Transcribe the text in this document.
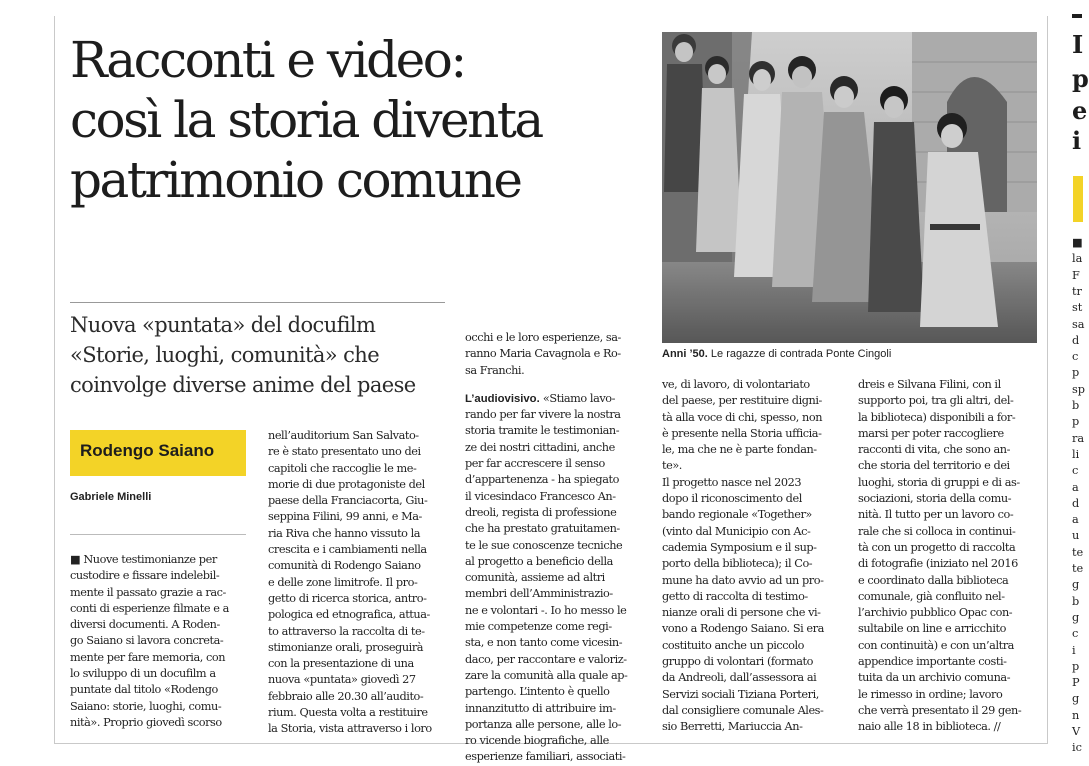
Racconti e video:
così la storia diventa
patrimonio comune
Nuova «puntata» del docufilm
«Storie, luoghi, comunità» che
coinvolge diverse anime del paese
Rodengo Saiano
Gabriele Minelli
■ Nuove testimonianze per
custodire e fissare indelebil-
mente il passato grazie a rac-
conti di esperienze filmate e a
diversi documenti. A Roden-
go Saiano si lavora concreta-
mente per fare memoria, con
lo sviluppo di un docufilm a
puntate dal titolo «Rodengo
Saiano: storie, luoghi, comu-
nità». Proprio giovedì scorso
nell’auditorium San Salvato-
re è stato presentato uno dei
capitoli che raccoglie le me-
morie di due protagoniste del
paese della Franciacorta, Giu-
seppina Filini, 99 anni, e Ma-
ria Riva che hanno vissuto la
crescita e i cambiamenti nella
comunità di Rodengo Saiano
e delle zone limitrofe. Il pro-
getto di ricerca storica, antro-
pologica ed etnografica, attua-
to attraverso la raccolta di te-
stimonianze orali, proseguirà
con la presentazione di una
nuova «puntata» giovedì 27
febbraio alle 20.30 all’audito-
rium. Questa volta a restituire
la Storia, vista attraverso i loro
occhi e le loro esperienze, sa-
ranno Maria Cavagnola e Ro-
sa Franchi.
L’audiovisivo. «Stiamo lavo-
rando per far vivere la nostra
storia tramite le testimonian-
ze dei nostri cittadini, anche
per far accrescere il senso
d’appartenenza - ha spiegato
il vicesindaco Francesco An-
dreoli, regista di professione
che ha prestato gratuitamen-
te le sue conoscenze tecniche
al progetto a beneficio della
comunità, assieme ad altri
membri dell’Amministrazio-
ne e volontari -. Io ho messo le
mie competenze come regi-
sta, e non tanto come vicesin-
daco, per raccontare e valoriz-
zare la comunità alla quale ap-
partengo. L’intento è quello
innanzitutto di attribuire im-
portanza alle persone, alle lo-
ro vicende biografiche, alle
esperienze familiari, associati-
ve, di lavoro, di volontariato
del paese, per restituire digni-
tà alla voce di chi, spesso, non
è presente nella Storia ufficia-
le, ma che ne è parte fondan-
te».
Il progetto nasce nel 2023
dopo il riconoscimento del
bando regionale «Together»
(vinto dal Municipio con Ac-
cademia Symposium e il sup-
porto della biblioteca); il Co-
mune ha dato avvio ad un pro-
getto di raccolta di testimo-
nianze orali di persone che vi-
vono a Rodengo Saiano. Si era
costituito anche un piccolo
gruppo di volontari (formato
da Andreoli, dall’assessora ai
Servizi sociali Tiziana Porteri,
dal consigliere comunale Ales-
sio Berretti, Mariuccia An-
dreis e Silvana Filini, con il
supporto poi, tra gli altri, del-
la biblioteca) disponibili a for-
marsi per poter raccogliere
racconti di vita, che sono an-
che storia del territorio e dei
luoghi, storia di gruppi e di as-
sociazioni, storia della comu-
nità. Il tutto per un lavoro co-
rale che si colloca in continui-
tà con un progetto di raccolta
di fotografie (iniziato nel 2016
e coordinato dalla biblioteca
comunale, già confluito nel-
l’archivio pubblico Opac con-
sultabile on line e arricchito
con continuità) e con un’altra
appendice importante costi-
tuita da un archivio comuna-
le rimesso in ordine; lavoro
che verrà presentato il 29 gen-
naio alle 18 in biblioteca. //
Anni ’50. Le ragazze di contrada Ponte Cingoli
I
p
e
i
■
la
F
tr
st
sa
d
c
p
sp
b
p
ra
li
c
a
d
a
u
te
te
g
b
g
c
i
p
P
g
n
V
ic
